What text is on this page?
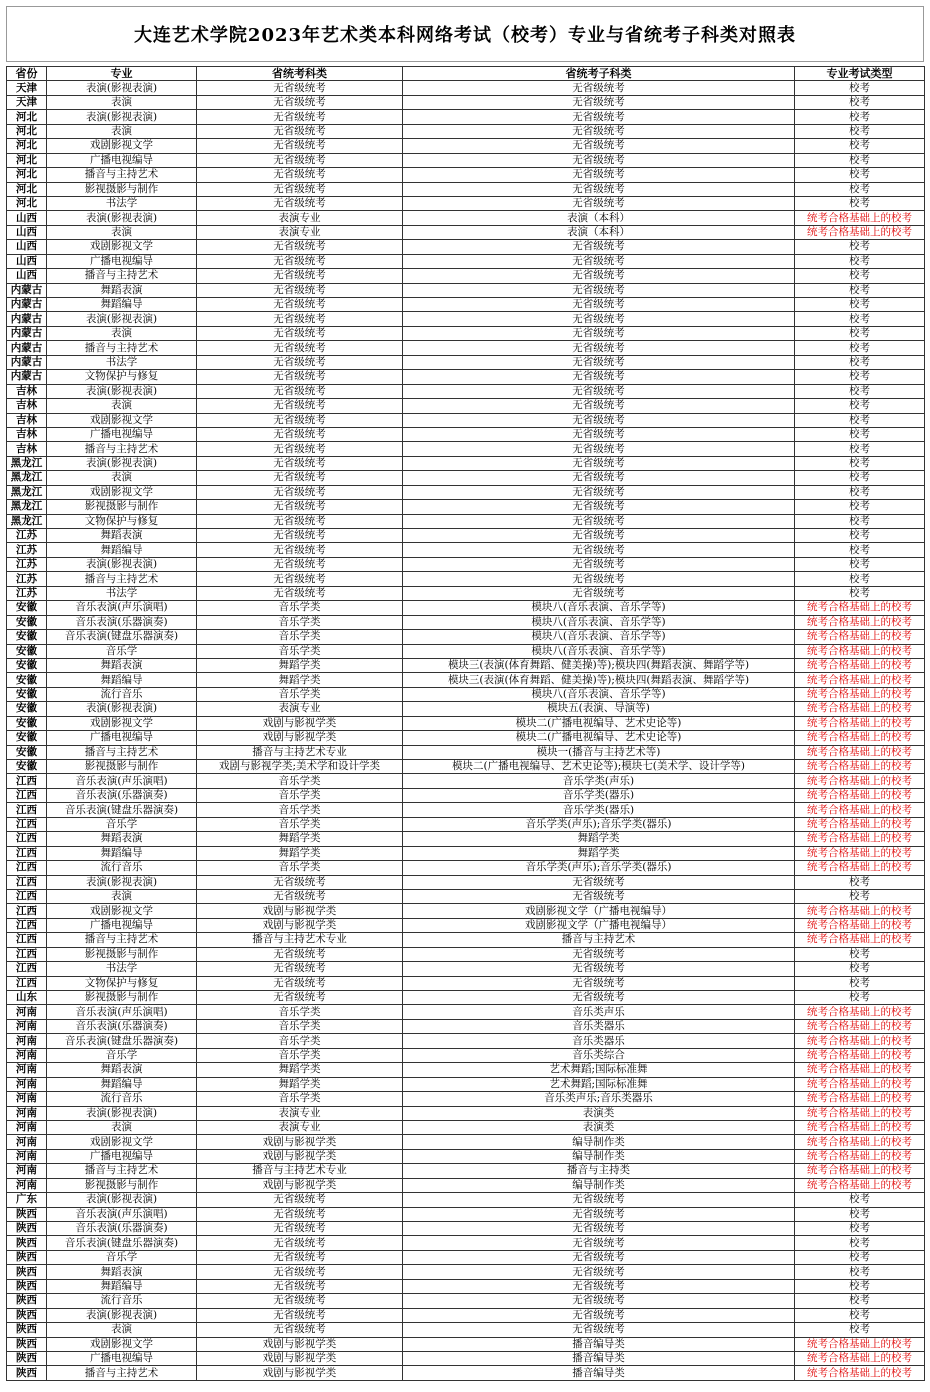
大连艺术学院2023年艺术类本科网络考试（校考）专业与省统考子科类对照表
省份	专业	省统考科类	省统考子科类	专业考试类型
天津	表演(影视表演)	无省级统考	无省级统考	校考
天津	表演	无省级统考	无省级统考	校考
河北	表演(影视表演)	无省级统考	无省级统考	校考
河北	表演	无省级统考	无省级统考	校考
河北	戏剧影视文学	无省级统考	无省级统考	校考
河北	广播电视编导	无省级统考	无省级统考	校考
河北	播音与主持艺术	无省级统考	无省级统考	校考
河北	影视摄影与制作	无省级统考	无省级统考	校考
河北	书法学	无省级统考	无省级统考	校考
山西	表演(影视表演)	表演专业	表演（本科）	统考合格基础上的校考
山西	表演	表演专业	表演（本科）	统考合格基础上的校考
山西	戏剧影视文学	无省级统考	无省级统考	校考
山西	广播电视编导	无省级统考	无省级统考	校考
山西	播音与主持艺术	无省级统考	无省级统考	校考
内蒙古	舞蹈表演	无省级统考	无省级统考	校考
内蒙古	舞蹈编导	无省级统考	无省级统考	校考
内蒙古	表演(影视表演)	无省级统考	无省级统考	校考
内蒙古	表演	无省级统考	无省级统考	校考
内蒙古	播音与主持艺术	无省级统考	无省级统考	校考
内蒙古	书法学	无省级统考	无省级统考	校考
内蒙古	文物保护与修复	无省级统考	无省级统考	校考
吉林	表演(影视表演)	无省级统考	无省级统考	校考
吉林	表演	无省级统考	无省级统考	校考
吉林	戏剧影视文学	无省级统考	无省级统考	校考
吉林	广播电视编导	无省级统考	无省级统考	校考
吉林	播音与主持艺术	无省级统考	无省级统考	校考
黑龙江	表演(影视表演)	无省级统考	无省级统考	校考
黑龙江	表演	无省级统考	无省级统考	校考
黑龙江	戏剧影视文学	无省级统考	无省级统考	校考
黑龙江	影视摄影与制作	无省级统考	无省级统考	校考
黑龙江	文物保护与修复	无省级统考	无省级统考	校考
江苏	舞蹈表演	无省级统考	无省级统考	校考
江苏	舞蹈编导	无省级统考	无省级统考	校考
江苏	表演(影视表演)	无省级统考	无省级统考	校考
江苏	播音与主持艺术	无省级统考	无省级统考	校考
江苏	书法学	无省级统考	无省级统考	校考
安徽	音乐表演(声乐演唱)	音乐学类	模块八(音乐表演、音乐学等)	统考合格基础上的校考
安徽	音乐表演(乐器演奏)	音乐学类	模块八(音乐表演、音乐学等)	统考合格基础上的校考
安徽	音乐表演(键盘乐器演奏)	音乐学类	模块八(音乐表演、音乐学等)	统考合格基础上的校考
安徽	音乐学	音乐学类	模块八(音乐表演、音乐学等)	统考合格基础上的校考
安徽	舞蹈表演	舞蹈学类	模块三(表演(体育舞蹈、健美操)等);模块四(舞蹈表演、舞蹈学等)	统考合格基础上的校考
安徽	舞蹈编导	舞蹈学类	模块三(表演(体育舞蹈、健美操)等);模块四(舞蹈表演、舞蹈学等)	统考合格基础上的校考
安徽	流行音乐	音乐学类	模块八(音乐表演、音乐学等)	统考合格基础上的校考
安徽	表演(影视表演)	表演专业	模块五(表演、导演等)	统考合格基础上的校考
安徽	戏剧影视文学	戏剧与影视学类	模块二(广播电视编导、艺术史论等)	统考合格基础上的校考
安徽	广播电视编导	戏剧与影视学类	模块二(广播电视编导、艺术史论等)	统考合格基础上的校考
安徽	播音与主持艺术	播音与主持艺术专业	模块一(播音与主持艺术等)	统考合格基础上的校考
安徽	影视摄影与制作	戏剧与影视学类;美术学和设计学类	模块二(广播电视编导、艺术史论等);模块七(美术学、设计学等)	统考合格基础上的校考
江西	音乐表演(声乐演唱)	音乐学类	音乐学类(声乐)	统考合格基础上的校考
江西	音乐表演(乐器演奏)	音乐学类	音乐学类(器乐)	统考合格基础上的校考
江西	音乐表演(键盘乐器演奏)	音乐学类	音乐学类(器乐)	统考合格基础上的校考
江西	音乐学	音乐学类	音乐学类(声乐);音乐学类(器乐)	统考合格基础上的校考
江西	舞蹈表演	舞蹈学类	舞蹈学类	统考合格基础上的校考
江西	舞蹈编导	舞蹈学类	舞蹈学类	统考合格基础上的校考
江西	流行音乐	音乐学类	音乐学类(声乐);音乐学类(器乐)	统考合格基础上的校考
江西	表演(影视表演)	无省级统考	无省级统考	校考
江西	表演	无省级统考	无省级统考	校考
江西	戏剧影视文学	戏剧与影视学类	戏剧影视文学（广播电视编导）	统考合格基础上的校考
江西	广播电视编导	戏剧与影视学类	戏剧影视文学（广播电视编导）	统考合格基础上的校考
江西	播音与主持艺术	播音与主持艺术专业	播音与主持艺术	统考合格基础上的校考
江西	影视摄影与制作	无省级统考	无省级统考	校考
江西	书法学	无省级统考	无省级统考	校考
江西	文物保护与修复	无省级统考	无省级统考	校考
山东	影视摄影与制作	无省级统考	无省级统考	校考
河南	音乐表演(声乐演唱)	音乐学类	音乐类声乐	统考合格基础上的校考
河南	音乐表演(乐器演奏)	音乐学类	音乐类器乐	统考合格基础上的校考
河南	音乐表演(键盘乐器演奏)	音乐学类	音乐类器乐	统考合格基础上的校考
河南	音乐学	音乐学类	音乐类综合	统考合格基础上的校考
河南	舞蹈表演	舞蹈学类	艺术舞蹈;国际标准舞	统考合格基础上的校考
河南	舞蹈编导	舞蹈学类	艺术舞蹈;国际标准舞	统考合格基础上的校考
河南	流行音乐	音乐学类	音乐类声乐;音乐类器乐	统考合格基础上的校考
河南	表演(影视表演)	表演专业	表演类	统考合格基础上的校考
河南	表演	表演专业	表演类	统考合格基础上的校考
河南	戏剧影视文学	戏剧与影视学类	编导制作类	统考合格基础上的校考
河南	广播电视编导	戏剧与影视学类	编导制作类	统考合格基础上的校考
河南	播音与主持艺术	播音与主持艺术专业	播音与主持类	统考合格基础上的校考
河南	影视摄影与制作	戏剧与影视学类	编导制作类	统考合格基础上的校考
广东	表演(影视表演)	无省级统考	无省级统考	校考
陕西	音乐表演(声乐演唱)	无省级统考	无省级统考	校考
陕西	音乐表演(乐器演奏)	无省级统考	无省级统考	校考
陕西	音乐表演(键盘乐器演奏)	无省级统考	无省级统考	校考
陕西	音乐学	无省级统考	无省级统考	校考
陕西	舞蹈表演	无省级统考	无省级统考	校考
陕西	舞蹈编导	无省级统考	无省级统考	校考
陕西	流行音乐	无省级统考	无省级统考	校考
陕西	表演(影视表演)	无省级统考	无省级统考	校考
陕西	表演	无省级统考	无省级统考	校考
陕西	戏剧影视文学	戏剧与影视学类	播音编导类	统考合格基础上的校考
陕西	广播电视编导	戏剧与影视学类	播音编导类	统考合格基础上的校考
陕西	播音与主持艺术	戏剧与影视学类	播音编导类	统考合格基础上的校考
